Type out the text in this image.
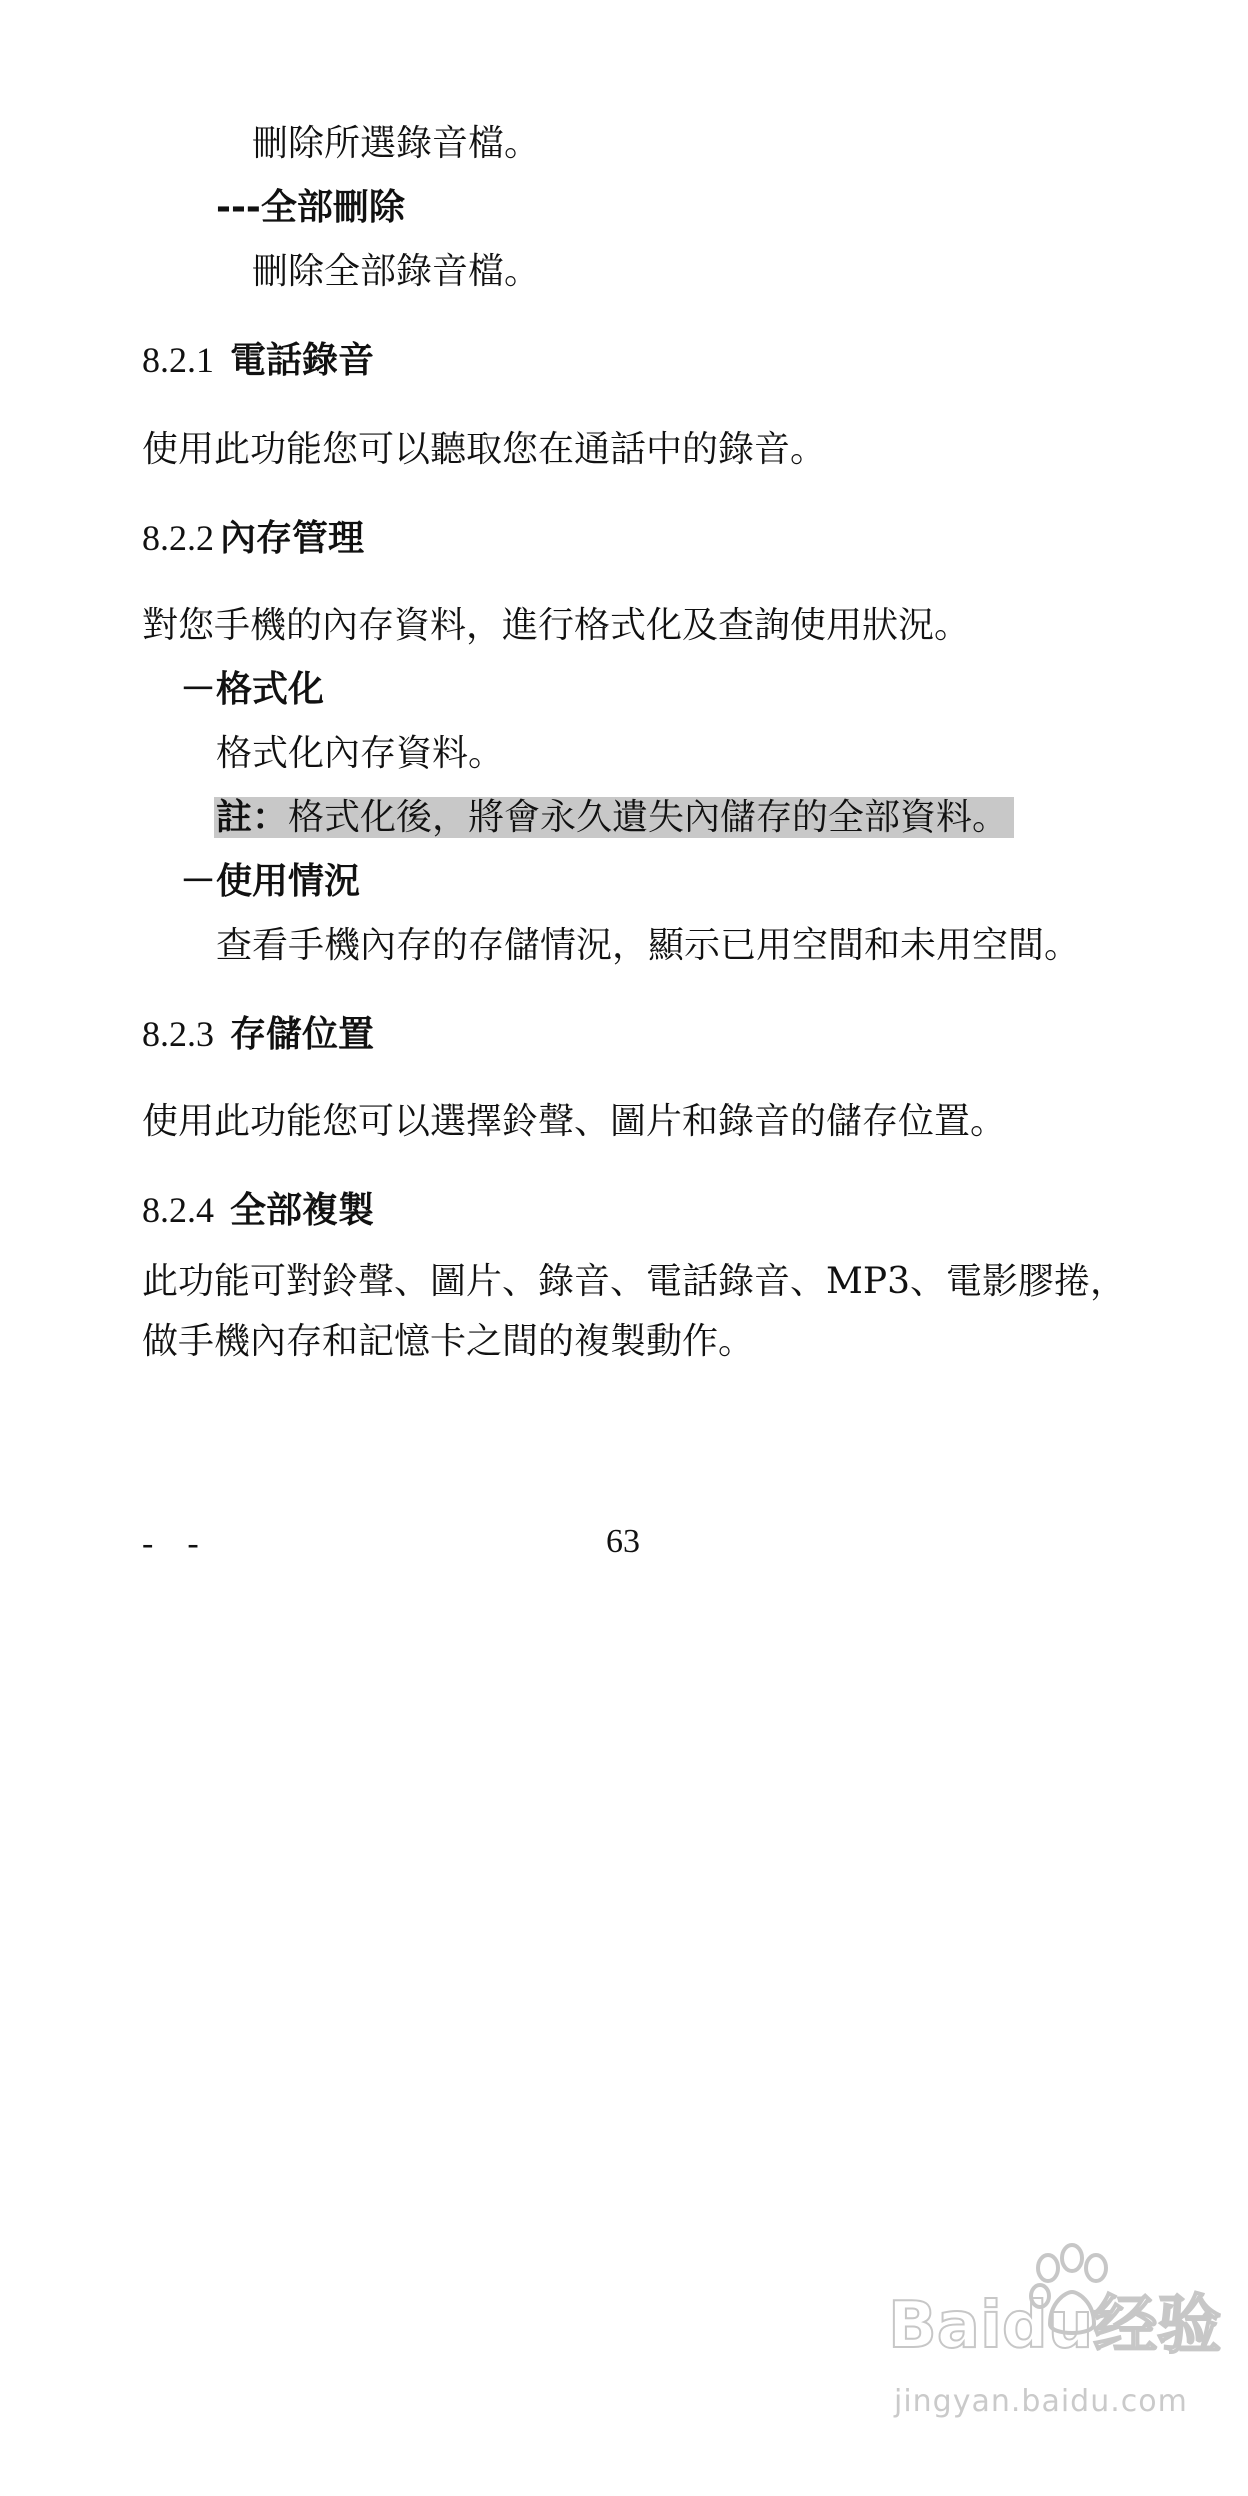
刪除所選錄音檔。
---全部刪除
刪除全部錄音檔。
8.2.1 電話錄音
使用此功能您可以聽取您在通話中的錄音。
8.2.2 內存管理
對您手機的內存資料，進行格式化及查詢使用狀況。
－格式化
格式化內存資料。
註：格式化後，將會永久遺失內儲存的全部資料。
－使用情況
查看手機內存的存儲情況，顯示已用空間和未用空間。
8.2.3 存儲位置
使用此功能您可以選擇鈴聲、圖片和錄音的儲存位置。
8.2.4 全部複製
此功能可對鈴聲、圖片、錄音、電話錄音、MP3、電影膠捲，
做手機內存和記憶卡之間的複製動作。
-    -	63
Baidu经验
jingyan.baidu.com
